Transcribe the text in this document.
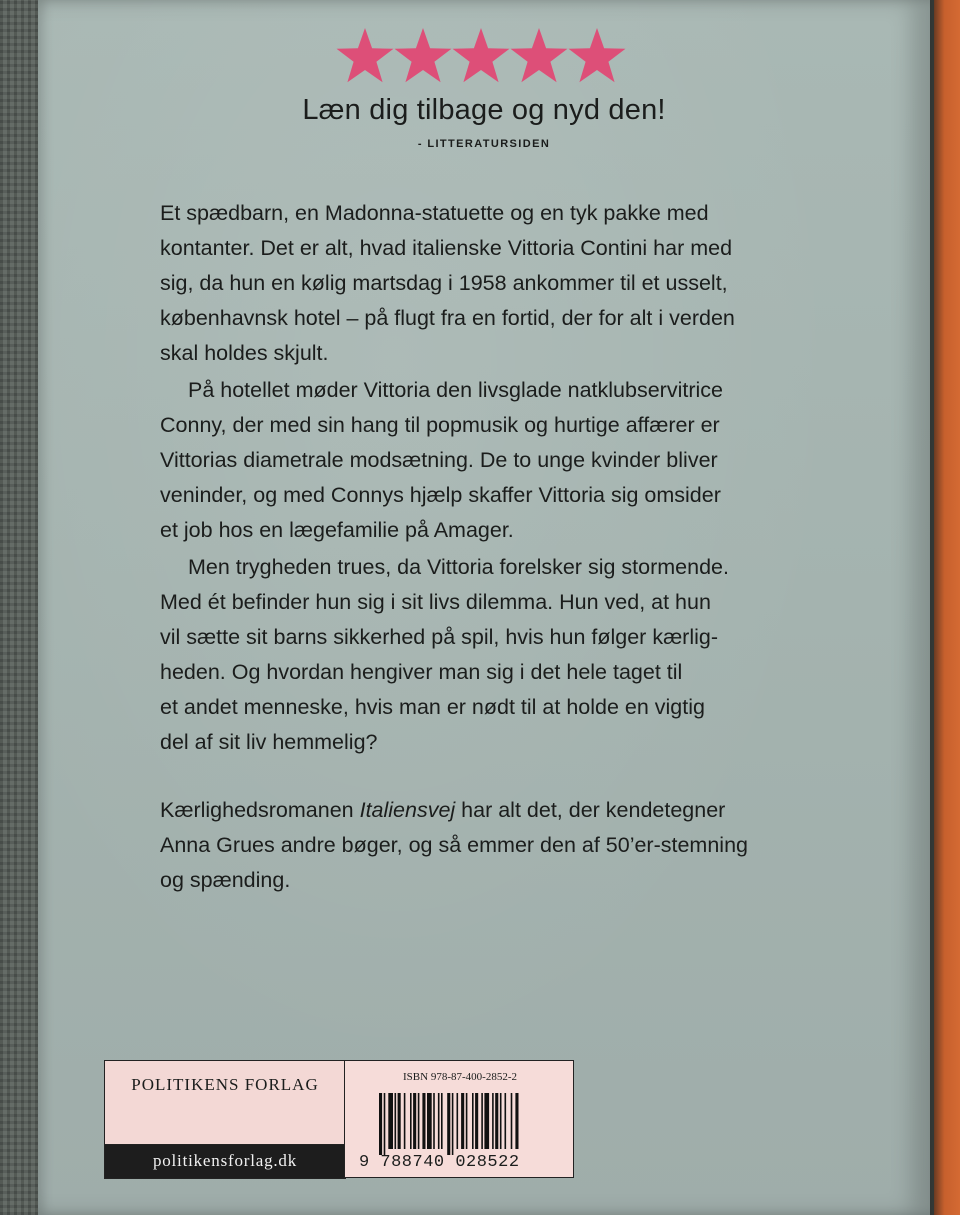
Læn dig tilbage og nyd den!
- LITTERATURSIDEN

Et spædbarn, en Madonna-statuette og en tyk pakke med
kontanter. Det er alt, hvad italienske Vittoria Contini har med
sig, da hun en kølig martsdag i 1958 ankommer til et usselt,
københavnsk hotel – på flugt fra en fortid, der for alt i verden
skal holdes skjult.

På hotellet møder Vittoria den livsglade natklubservitrice
Conny, der med sin hang til popmusik og hurtige affærer er
Vittorias diametrale modsætning. De to unge kvinder bliver
veninder, og med Connys hjælp skaffer Vittoria sig omsider
et job hos en lægefamilie på Amager.

Men trygheden trues, da Vittoria forelsker sig stormende.
Med ét befinder hun sig i sit livs dilemma. Hun ved, at hun
vil sætte sit barns sikkerhed på spil, hvis hun følger kærlig-
heden. Og hvordan hengiver man sig i det hele taget til
et andet menneske, hvis man er nødt til at holde en vigtig
del af sit liv hemmelig?

Kærlighedsromanen Italiensvej har alt det, der kendetegner
Anna Grues andre bøger, og så emmer den af 50’er-stemning
og spænding.

POLITIKENS FORLAG
politikensforlag.dk
ISBN 978-87-400-2852-2
9 788740 028522
